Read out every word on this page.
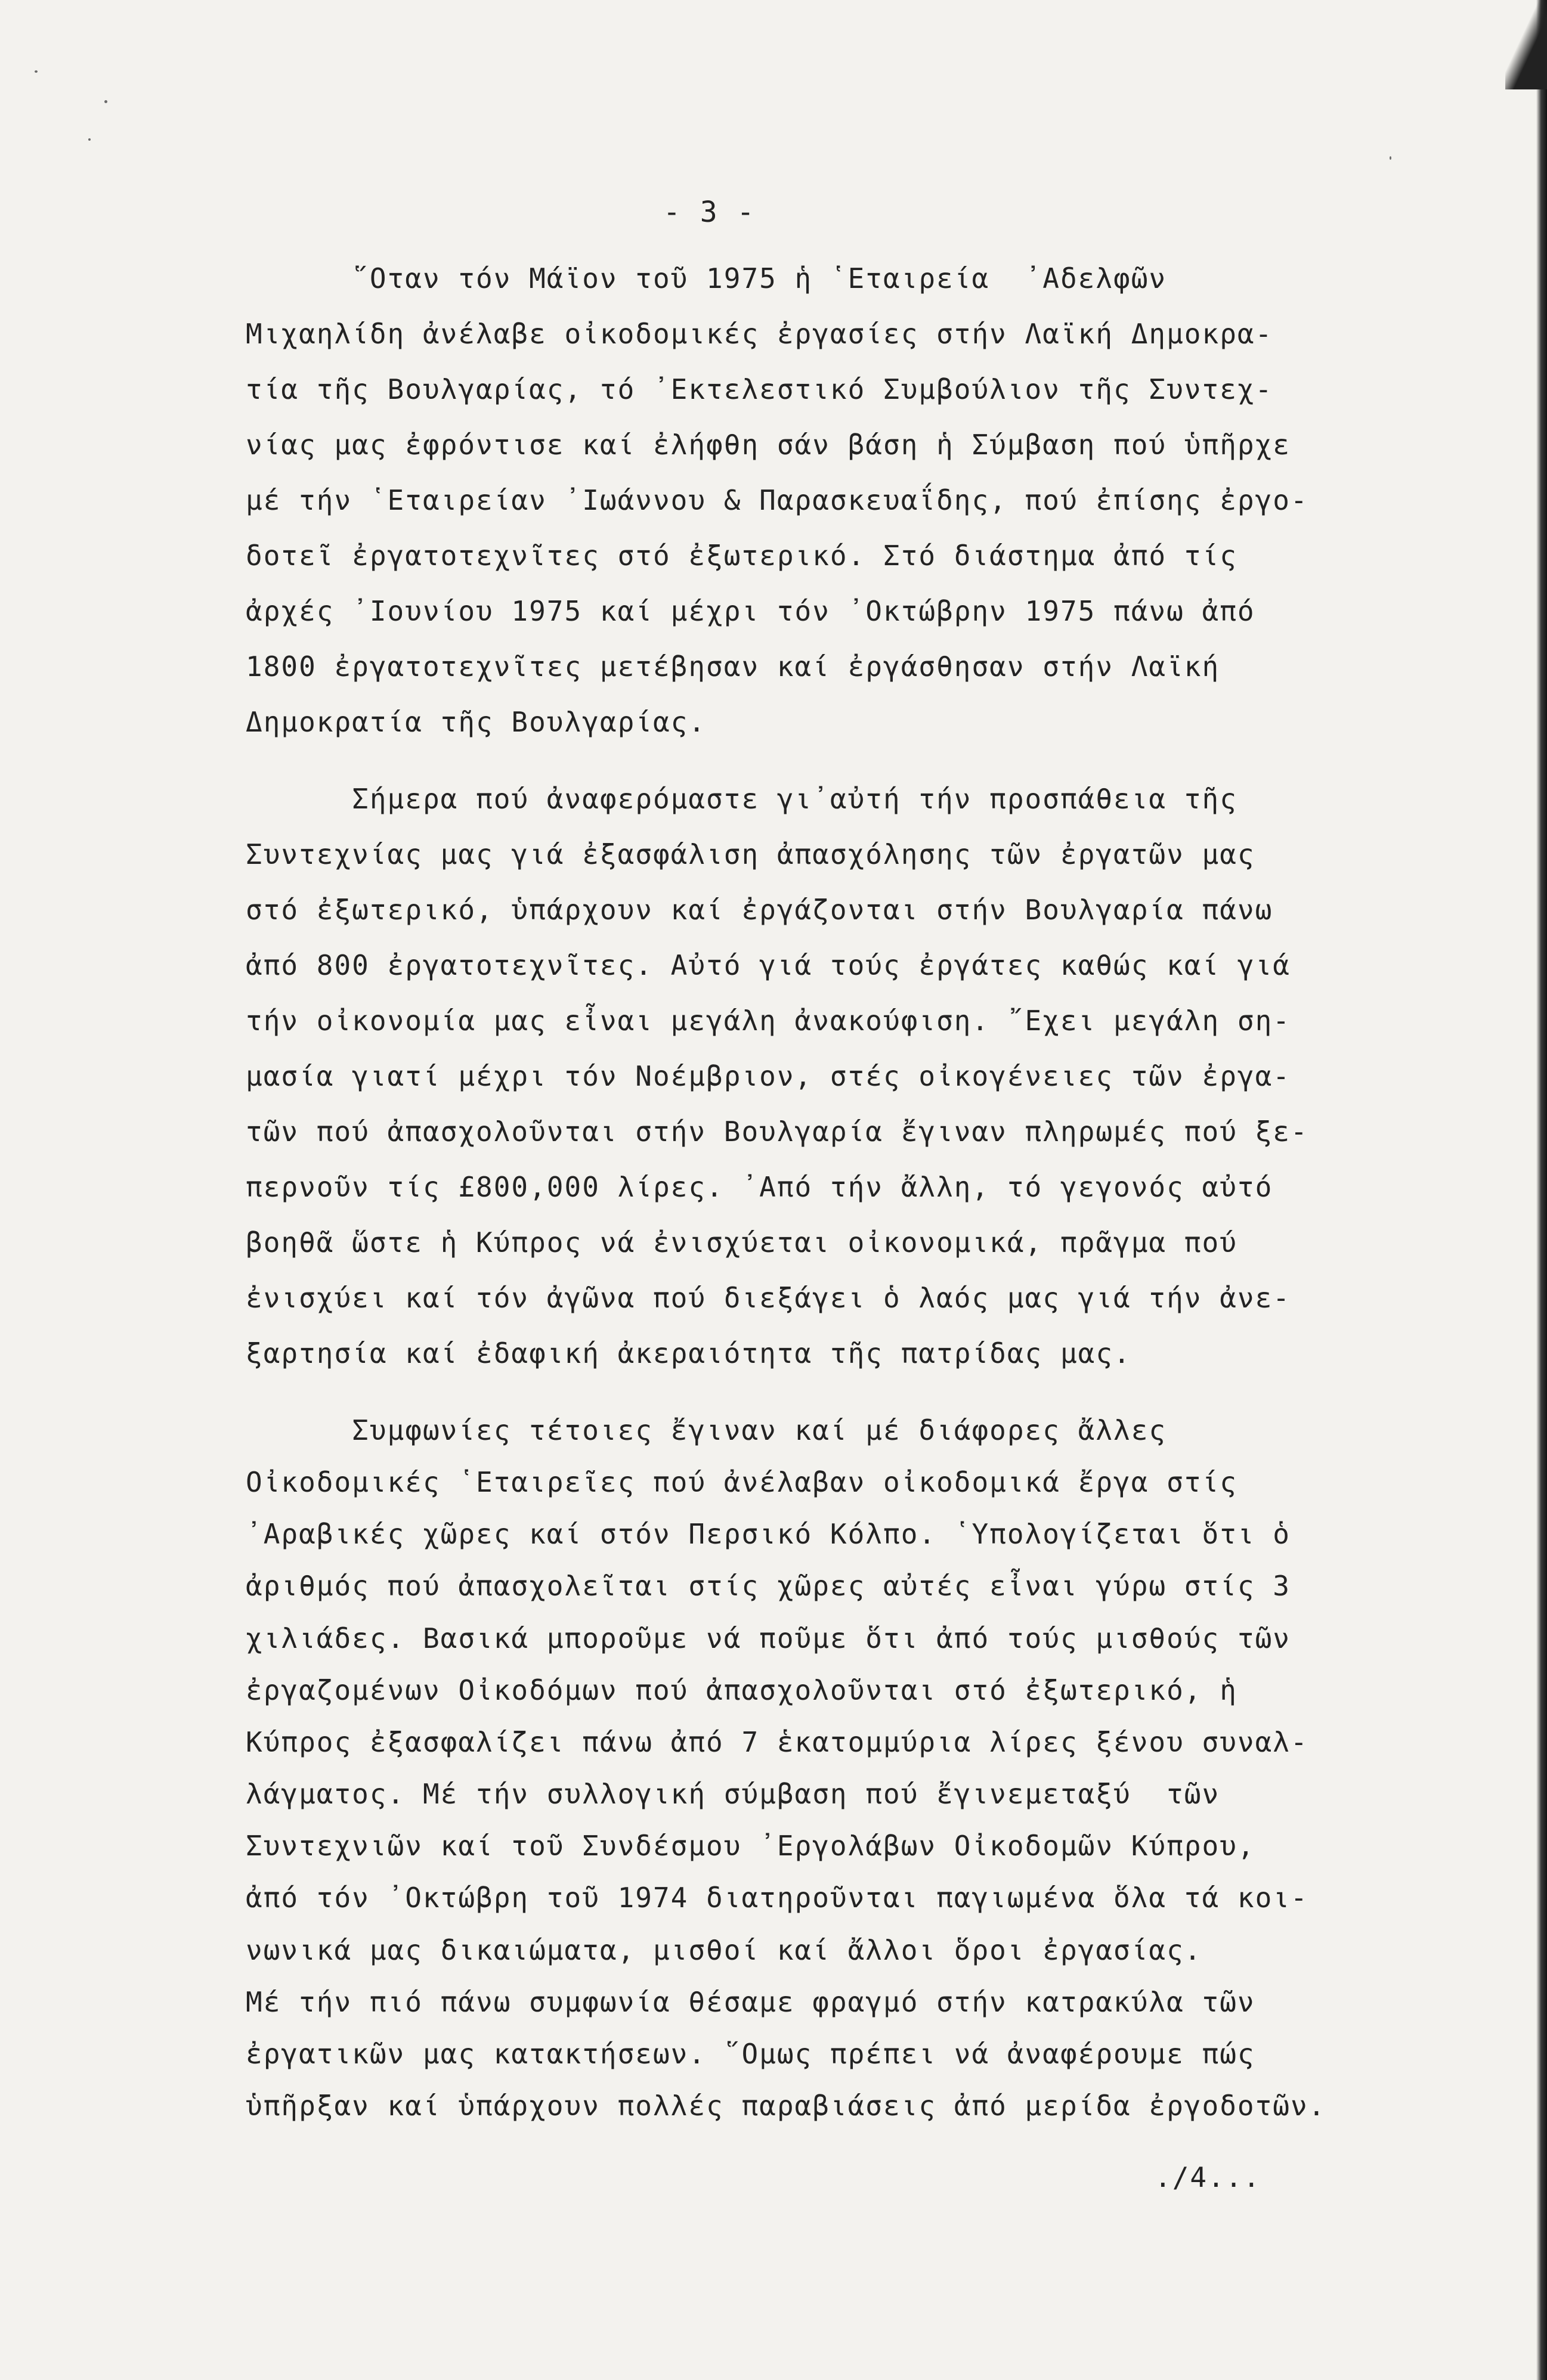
- 3 -
῞Οταν τόν Μάϊον τοῦ 1975 ἡ ῾Εταιρεία  ᾽Αδελφῶν
Μιχαηλίδη ἀνέλαβε οἰκοδομικές ἐργασίες στήν Λαϊκή Δημοκρα-
τία τῆς Βουλγαρίας, τό ᾽Εκτελεστικό Συμβούλιον τῆς Συντεχ-
νίας μας ἐφρόντισε καί ἐλήφθη σάν βάση ἡ Σύμβαση πού ὑπῆρχε
μέ τήν ῾Εταιρείαν ᾽Ιωάννου & Παρασκευαΐδης, πού ἐπίσης ἐργο-
δοτεῖ ἐργατοτεχνῖτες στό ἐξωτερικό. Στό διάστημα ἀπό τίς
ἀρχές ᾽Ιουνίου 1975 καί μέχρι τόν ᾽Οκτώβρην 1975 πάνω ἀπό
1800 ἐργατοτεχνῖτες μετέβησαν καί ἐργάσθησαν στήν Λαϊκή
Δημοκρατία τῆς Βουλγαρίας.
Σήμερα πού ἀναφερόμαστε γι᾽αὐτή τήν προσπάθεια τῆς
Συντεχνίας μας γιά ἐξασφάλιση ἀπασχόλησης τῶν ἐργατῶν μας
στό ἐξωτερικό, ὑπάρχουν καί ἐργάζονται στήν Βουλγαρία πάνω
ἀπό 800 ἐργατοτεχνῖτες. Αὐτό γιά τούς ἐργάτες καθώς καί γιά
τήν οἰκονομία μας εἶναι μεγάλη ἀνακούφιση. ῎Εχει μεγάλη ση-
μασία γιατί μέχρι τόν Νοέμβριον, στές οἰκογένειες τῶν ἐργα-
τῶν πού ἀπασχολοῦνται στήν Βουλγαρία ἔγιναν πληρωμές πού ξε-
περνοῦν τίς £800,000 λίρες. ᾽Από τήν ἄλλη, τό γεγονός αὐτό
βοηθᾶ ὥστε ἡ Κύπρος νά ἐνισχύεται οἰκονομικά, πρᾶγμα πού
ἐνισχύει καί τόν ἀγῶνα πού διεξάγει ὁ λαός μας γιά τήν ἀνε-
ξαρτησία καί ἐδαφική ἀκεραιότητα τῆς πατρίδας μας.
Συμφωνίες τέτοιες ἔγιναν καί μέ διάφορες ἄλλες
Οἰκοδομικές ῾Εταιρεῖες πού ἀνέλαβαν οἰκοδομικά ἔργα στίς
᾽Αραβικές χῶρες καί στόν Περσικό Κόλπο. ῾Υπολογίζεται ὅτι ὁ
ἀριθμός πού ἀπασχολεῖται στίς χῶρες αὐτές εἶναι γύρω στίς 3
χιλιάδες. Βασικά μποροῦμε νά ποῦμε ὅτι ἀπό τούς μισθούς τῶν
ἐργαζομένων Οἰκοδόμων πού ἀπασχολοῦνται στό ἐξωτερικό, ἡ
Κύπρος ἐξασφαλίζει πάνω ἀπό 7 ἑκατομμύρια λίρες ξένου συναλ-
λάγματος. Μέ τήν συλλογική σύμβαση πού ἔγινεμεταξύ  τῶν
Συντεχνιῶν καί τοῦ Συνδέσμου ᾽Εργολάβων Οἰκοδομῶν Κύπρου,
ἀπό τόν ᾽Οκτώβρη τοῦ 1974 διατηροῦνται παγιωμένα ὅλα τά κοι-
νωνικά μας δικαιώματα, μισθοί καί ἄλλοι ὅροι ἐργασίας.
Μέ τήν πιό πάνω συμφωνία θέσαμε φραγμό στήν κατρακύλα τῶν
ἐργατικῶν μας κατακτήσεων. ῞Ομως πρέπει νά ἀναφέρουμε πώς
ὑπῆρξαν καί ὑπάρχουν πολλές παραβιάσεις ἀπό μερίδα ἐργοδοτῶν.
./4...
